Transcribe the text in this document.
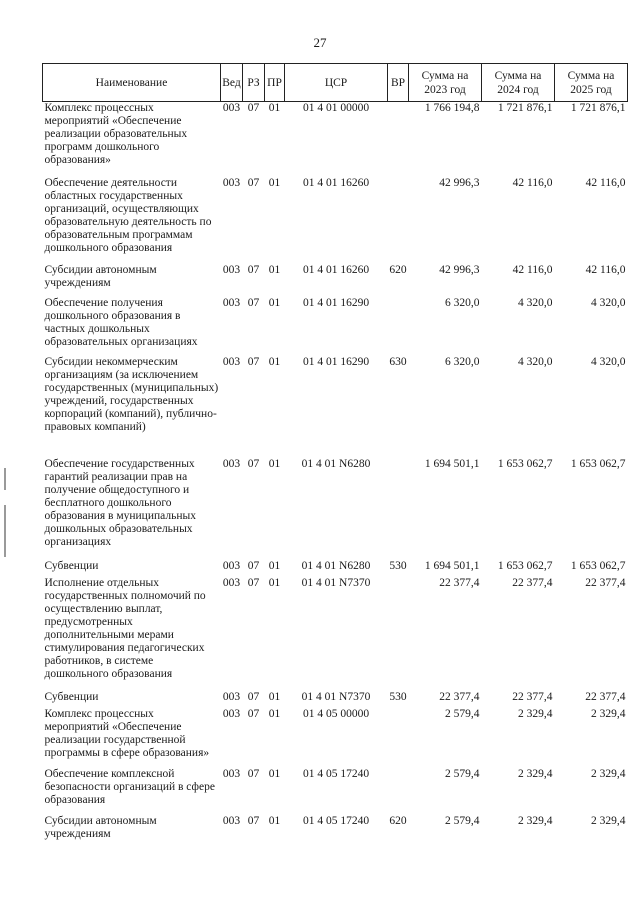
27
Наименование	Вед	РЗ	ПР	ЦСР	ВР	Сумма на 2023 год	Сумма на 2024 год	Сумма на 2025 год
Комплекс процессных мероприятий «Обеспечение реализации образовательных программ дошкольного образования»	003	07	01	01 4 01 00000		1 766 194,8	1 721 876,1	1 721 876,1
Обеспечение деятельности областных государственных организаций, осуществляющих образовательную деятельность по образовательным программам дошкольного образования	003	07	01	01 4 01 16260		42 996,3	42 116,0	42 116,0
Субсидии автономным учреждениям	003	07	01	01 4 01 16260	620	42 996,3	42 116,0	42 116,0
Обеспечение получения дошкольного образования в частных дошкольных образовательных организациях	003	07	01	01 4 01 16290		6 320,0	4 320,0	4 320,0
Субсидии некоммерческим организациям (за исключением государственных (муниципальных) учреждений, государственных корпораций (компаний), публично-правовых компаний)	003	07	01	01 4 01 16290	630	6 320,0	4 320,0	4 320,0
Обеспечение государственных гарантий реализации прав на получение общедоступного и бесплатного дошкольного образования в муниципальных дошкольных образовательных организациях	003	07	01	01 4 01 N6280		1 694 501,1	1 653 062,7	1 653 062,7
Субвенции	003	07	01	01 4 01 N6280	530	1 694 501,1	1 653 062,7	1 653 062,7
Исполнение отдельных государственных полномочий по осуществлению выплат, предусмотренных дополнительными мерами стимулирования педагогических работников, в системе дошкольного образования	003	07	01	01 4 01 N7370		22 377,4	22 377,4	22 377,4
Субвенции	003	07	01	01 4 01 N7370	530	22 377,4	22 377,4	22 377,4
Комплекс процессных мероприятий «Обеспечение реализации государственной программы в сфере образования»	003	07	01	01 4 05 00000		2 579,4	2 329,4	2 329,4
Обеспечение комплексной безопасности организаций в сфере образования	003	07	01	01 4 05 17240		2 579,4	2 329,4	2 329,4
Субсидии автономным учреждениям	003	07	01	01 4 05 17240	620	2 579,4	2 329,4	2 329,4
